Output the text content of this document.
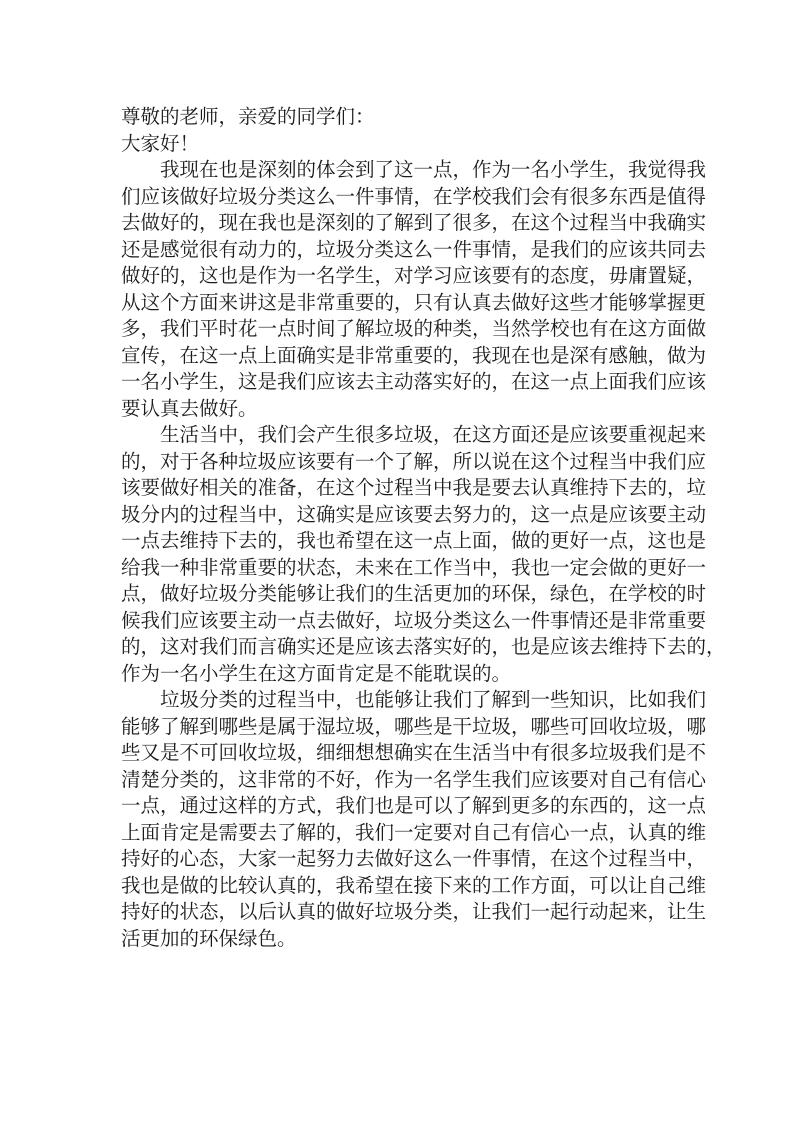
尊敬的老师，亲爱的同学们：
大家好！
我现在也是深刻的体会到了这一点，作为一名小学生，我觉得我
们应该做好垃圾分类这么一件事情，在学校我们会有很多东西是值得
去做好的，现在我也是深刻的了解到了很多，在这个过程当中我确实
还是感觉很有动力的，垃圾分类这么一件事情，是我们的应该共同去
做好的，这也是作为一名学生，对学习应该要有的态度，毋庸置疑，
从这个方面来讲这是非常重要的，只有认真去做好这些才能够掌握更
多，我们平时花一点时间了解垃圾的种类，当然学校也有在这方面做
宣传，在这一点上面确实是非常重要的，我现在也是深有感触，做为
一名小学生，这是我们应该去主动落实好的，在这一点上面我们应该
要认真去做好。
生活当中，我们会产生很多垃圾，在这方面还是应该要重视起来
的，对于各种垃圾应该要有一个了解，所以说在这个过程当中我们应
该要做好相关的准备，在这个过程当中我是要去认真维持下去的，垃
圾分内的过程当中，这确实是应该要去努力的，这一点是应该要主动
一点去维持下去的，我也希望在这一点上面，做的更好一点，这也是
给我一种非常重要的状态，未来在工作当中，我也一定会做的更好一
点，做好垃圾分类能够让我们的生活更加的环保，绿色，在学校的时
候我们应该要主动一点去做好，垃圾分类这么一件事情还是非常重要
的，这对我们而言确实还是应该去落实好的，也是应该去维持下去的，
作为一名小学生在这方面肯定是不能耽误的。
垃圾分类的过程当中，也能够让我们了解到一些知识，比如我们
能够了解到哪些是属于湿垃圾，哪些是干垃圾，哪些可回收垃圾，哪
些又是不可回收垃圾，细细想想确实在生活当中有很多垃圾我们是不
清楚分类的，这非常的不好，作为一名学生我们应该要对自己有信心
一点，通过这样的方式，我们也是可以了解到更多的东西的，这一点
上面肯定是需要去了解的，我们一定要对自己有信心一点，认真的维
持好的心态，大家一起努力去做好这么一件事情，在这个过程当中，
我也是做的比较认真的，我希望在接下来的工作方面，可以让自己维
持好的状态，以后认真的做好垃圾分类，让我们一起行动起来，让生
活更加的环保绿色。
